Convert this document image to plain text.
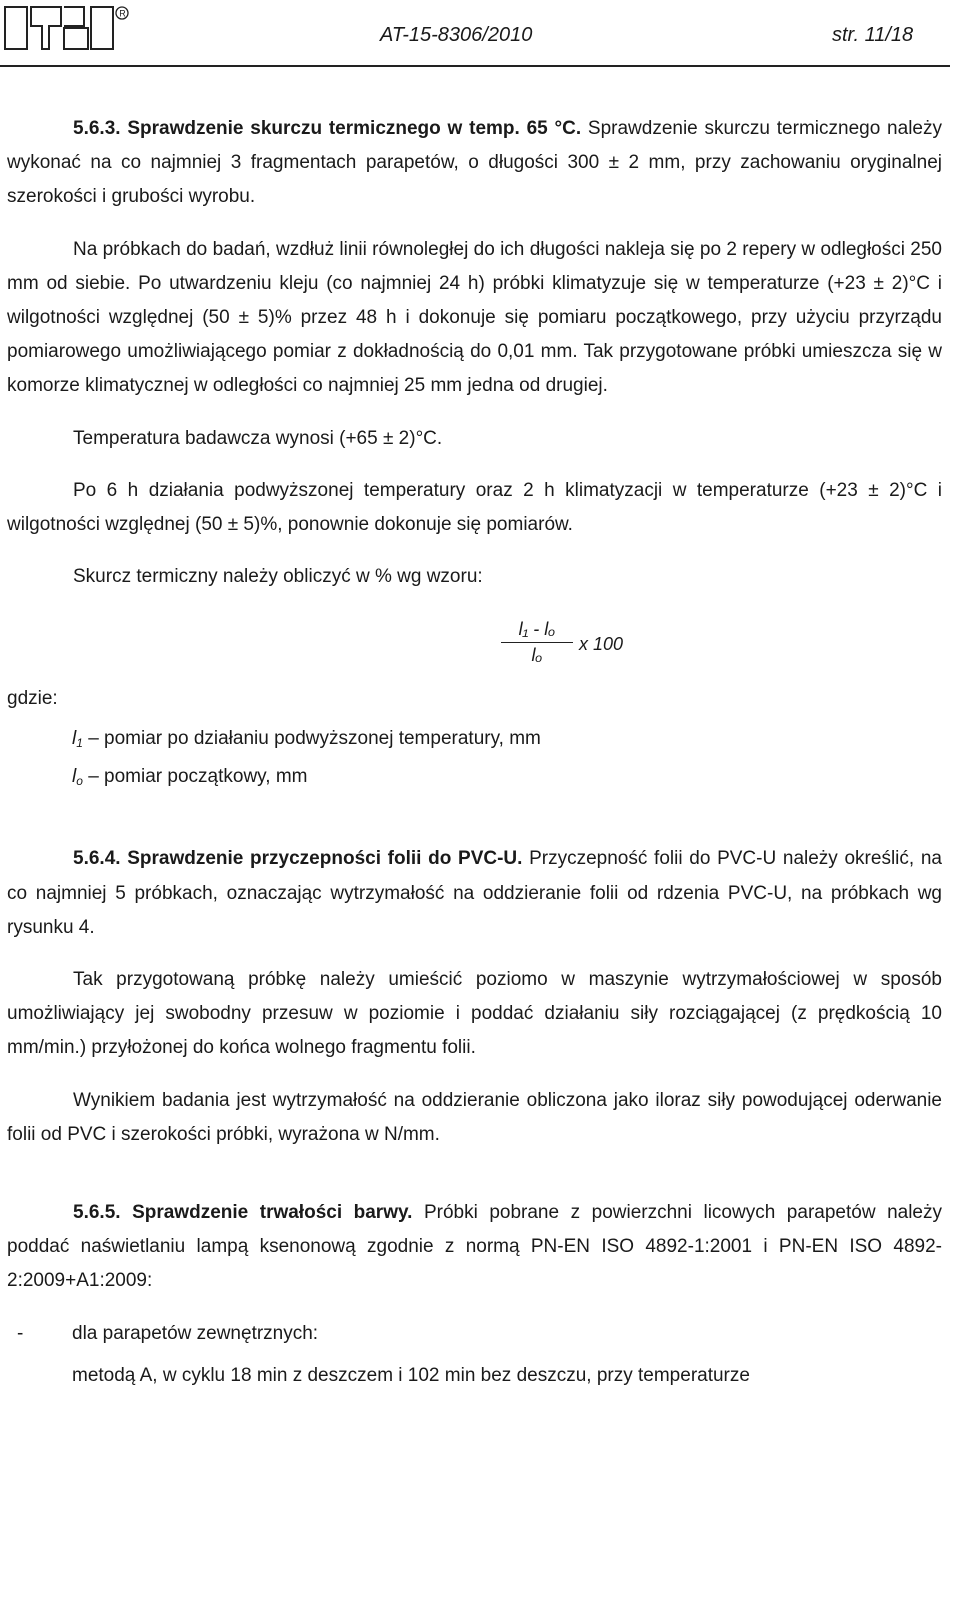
R
AT-15-8306/2010	str. 11/18

5.6.3. Sprawdzenie skurczu termicznego w temp. 65 °C. Sprawdzenie skurczu termicznego należy wykonać na co najmniej 3 fragmentach parapetów, o długości 300 ± 2 mm, przy zachowaniu oryginalnej szerokości i grubości wyrobu.

Na próbkach do badań, wzdłuż linii równoległej do ich długości nakleja się po 2 repery w odległości 250 mm od siebie. Po utwardzeniu kleju (co najmniej 24 h) próbki klimatyzuje się w temperaturze (+23 ± 2)°C i wilgotności względnej (50 ± 5)% przez 48 h i dokonuje się pomiaru początkowego, przy użyciu przyrządu pomiarowego umożliwiającego pomiar z dokładnością do 0,01 mm. Tak przygotowane próbki umieszcza się w komorze klimatycznej w odległości co najmniej 25 mm jedna od drugiej.

Temperatura badawcza wynosi (+65 ± 2)°C.

Po 6 h działania podwyższonej temperatury oraz 2 h klimatyzacji w temperaturze (+23 ± 2)°C i wilgotności względnej (50 ± 5)%, ponownie dokonuje się pomiarów.

Skurcz termiczny należy obliczyć w % wg wzoru:

l₁ - lₒ
lₒ
x 100
gdzie:

$l_1$ – pomiar po działaniu podwyższonej temperatury, mm

$l_o$ – pomiar początkowy, mm

5.6.4. Sprawdzenie przyczepności folii do PVC-U. Przyczepność folii do PVC-U należy określić, na co najmniej 5 próbkach, oznaczając wytrzymałość na oddzieranie folii od rdzenia PVC-U, na próbkach wg rysunku 4.

Tak przygotowaną próbkę należy umieścić poziomo w maszynie wytrzymałościowej w sposób umożliwiający jej swobodny przesuw w poziomie i poddać działaniu siły rozciągającej (z prędkością 10 mm/min.) przyłożonej do końca wolnego fragmentu folii.

Wynikiem badania jest wytrzymałość na oddzieranie obliczona jako iloraz siły powodującej oderwanie folii od PVC i szerokości próbki, wyrażona w N/mm.

5.6.5. Sprawdzenie trwałości barwy. Próbki pobrane z powierzchni licowych parapetów należy poddać naświetlaniu lampą ksenonową zgodnie z normą PN-EN ISO 4892-1:2001 i PN-EN ISO 4892-2:2009+A1:2009:

-	dla parapetów zewnętrznych:
metodą A, w cyklu 18 min z deszczem i 102 min bez deszczu, przy temperaturze
